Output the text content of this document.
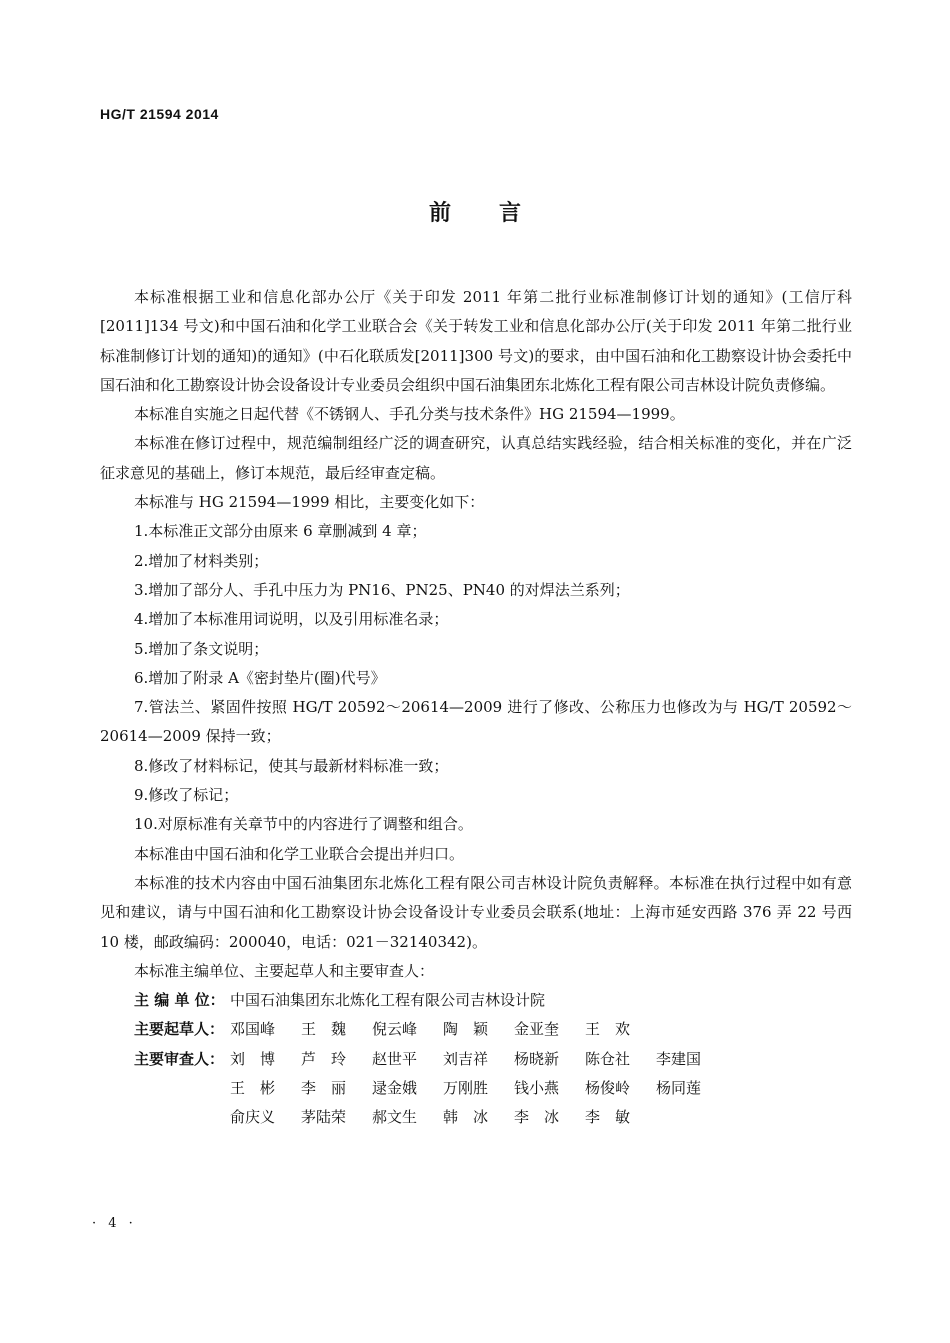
HG/T 21594 2014
前言

本标准根据工业和信息化部办公厅《关于印发 2011 年第二批行业标准制修订计划的通知》(工信厅科[2011]134 号文)和中国石油和化学工业联合会《关于转发工业和信息化部办公厅(关于印发 2011 年第二批行业标准制修订计划的通知)的通知》(中石化联质发[2011]300 号文)的要求，由中国石油和化工勘察设计协会委托中国石油和化工勘察设计协会设备设计专业委员会组织中国石油集团东北炼化工程有限公司吉林设计院负责修编。

本标准自实施之日起代替《不锈钢人、手孔分类与技术条件》HG 21594—1999。

本标准在修订过程中，规范编制组经广泛的调查研究，认真总结实践经验，结合相关标准的变化，并在广泛征求意见的基础上，修订本规范，最后经审查定稿。

本标准与 HG 21594—1999 相比，主要变化如下：

1.本标准正文部分由原来 6 章删减到 4 章；

2.增加了材料类别；

3.增加了部分人、手孔中压力为 PN16、PN25、PN40 的对焊法兰系列；

4.增加了本标准用词说明，以及引用标准名录；

5.增加了条文说明；

6.增加了附录 A《密封垫片(圈)代号》

7.管法兰、紧固件按照 HG/T 20592～20614—2009 进行了修改、公称压力也修改为与 HG/T 20592～20614—2009 保持一致；

8.修改了材料标记，使其与最新材料标准一致；

9.修改了标记；

10.对原标准有关章节中的内容进行了调整和组合。

本标准由中国石油和化学工业联合会提出并归口。

本标准的技术内容由中国石油集团东北炼化工程有限公司吉林设计院负责解释。本标准在执行过程中如有意见和建议，请与中国石油和化工勘察设计协会设备设计专业委员会联系(地址：上海市延安西路 376 弄 22 号西 10 楼，邮政编码：200040，电话：021－32140342)。

本标准主编单位、主要起草人和主要审查人：

主 编 单 位： 中国石油集团东北炼化工程有限公司吉林设计院
主要起草人： 邓国峰	王　魏	倪云峰	陶　颖	金亚奎	王　欢
主要审查人： 刘　博	芦　玲	赵世平	刘吉祥	杨晓新	陈仓社	李建国
王　彬	李　丽	逯金娥	万刚胜	钱小燕	杨俊岭	杨同莲
俞庆义	茅陆荣	郝文生	韩　冰	李　冰	李　敏
· 4 ·
